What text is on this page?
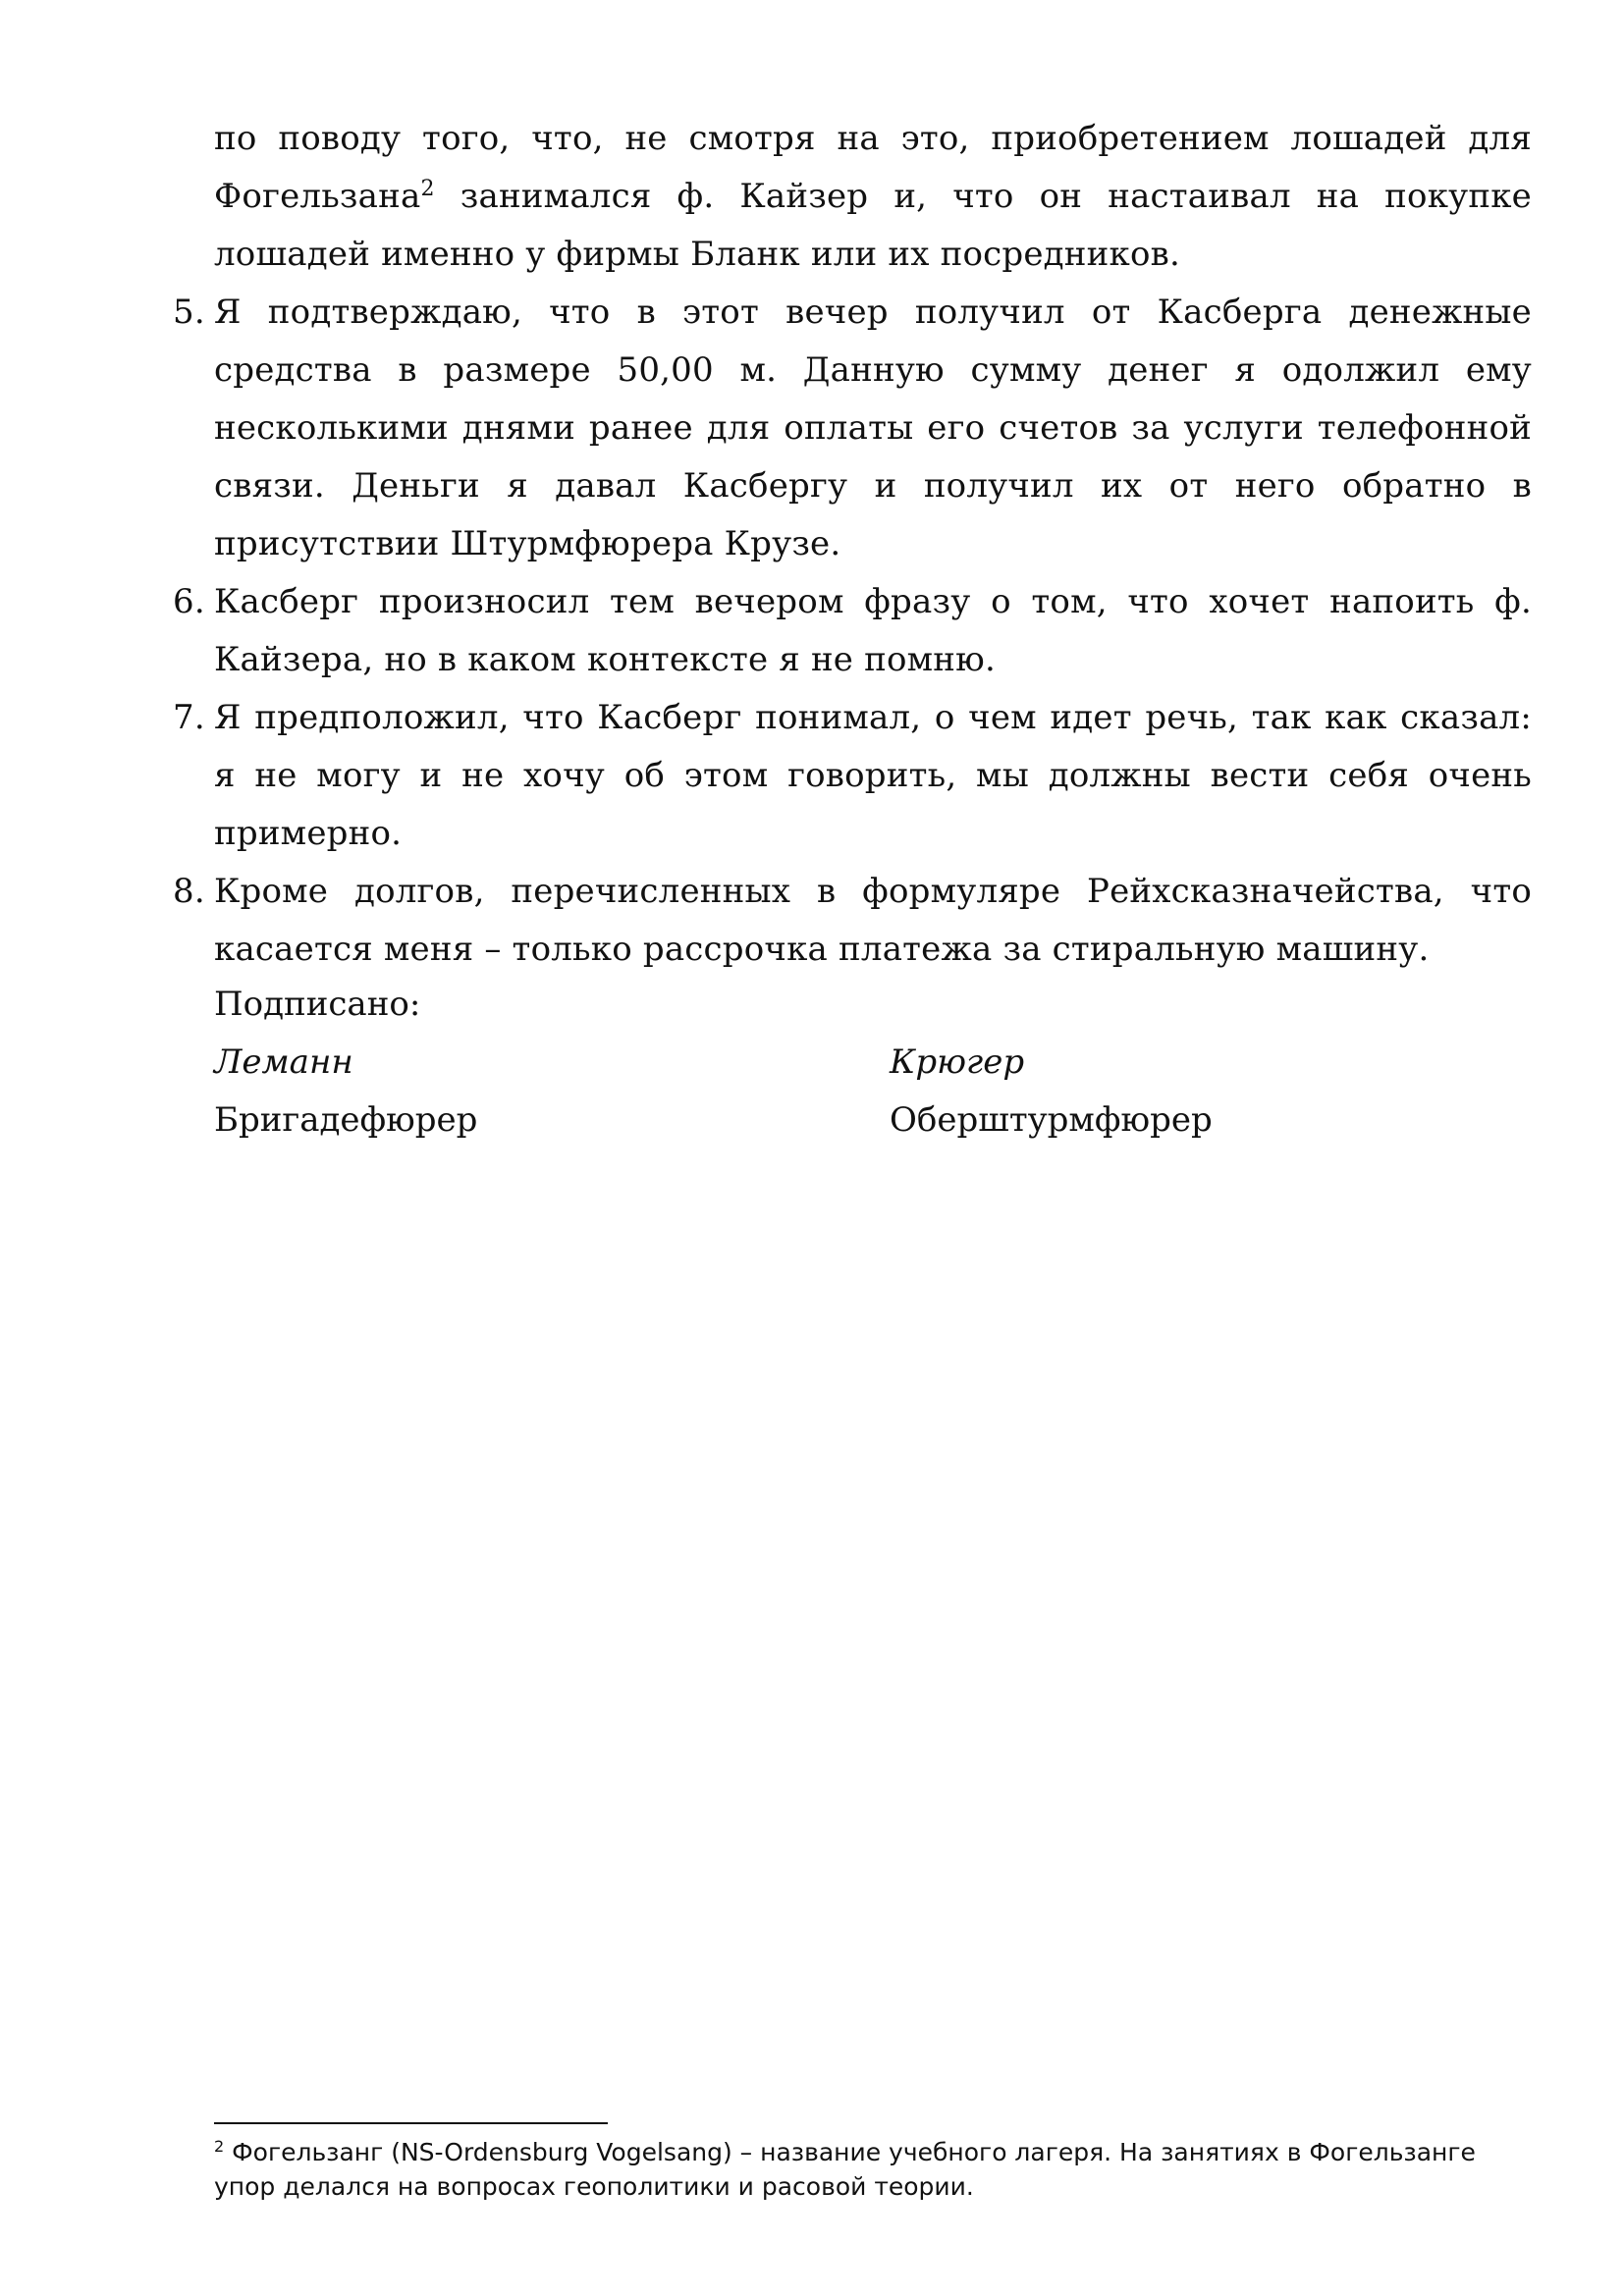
по поводу того, что, не смотря на это, приобретением лошадей для Фогельзана$^2$ занимался ф. Кайзер и, что он настаивал на покупке лошадей именно у фирмы Бланк или их посредников.

5. Я подтверждаю, что в этот вечер получил от Касберга денежные средства в размере 50,00 м. Данную сумму денег я одолжил ему несколькими днями ранее для оплаты его счетов за услуги телефонной связи. Деньги я давал Касбергу и получил их от него обратно в присутствии Штурмфюрера Крузе.

6. Касберг произносил тем вечером фразу о том, что хочет напоить ф. Кайзера, но в каком контексте я не помню.

7. Я предположил, что Касберг понимал, о чем идет речь, так как сказал: я не могу и не хочу об этом говорить, мы должны вести себя очень примерно.

8. Кроме долгов, перечисленных в формуляре Рейхсказначейства, что касается меня – только рассрочка платежа за стиральную машину.

Подписано:
Леманн	Крюгер
Бригадефюрер	Оберштурмфюрер
$^2$ Фогельзанг (NS-Ordensburg Vogelsang) – название учебного лагеря. На занятиях в Фогельзанге упор делался на вопросах геополитики и расовой теории.
